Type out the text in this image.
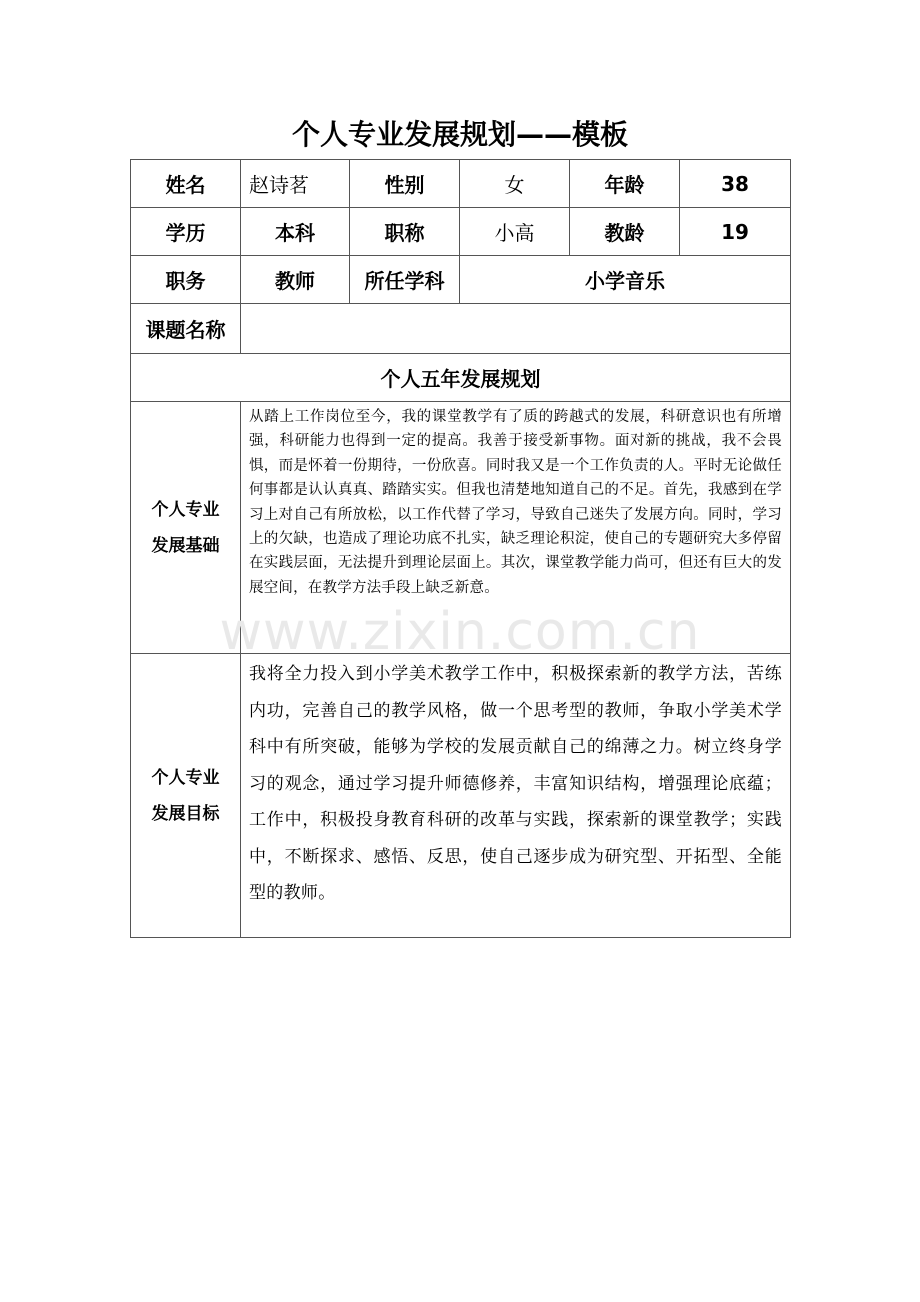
个人专业发展规划——模板
姓名	赵诗茗	性别	女	年龄	38
学历	本科	职称	小高	教龄	19
职务	教师	所任学科	小学音乐		
课题名称					
个人五年发展规划					

个人专业
发展基础	从踏上工作岗位至今，我的课堂教学有了质的跨越式的发展，科研意识也有所增强，科研能力也得到一定的提高。我善于接受新事物。面对新的挑战，我不会畏惧，而是怀着一份期待，一份欣喜。同时我又是一个工作负责的人。平时无论做任何事都是认认真真、踏踏实实。但我也清楚地知道自己的不足。首先，我感到在学习上对自己有所放松，以工作代替了学习，导致自己迷失了发展方向。同时，学习上的欠缺，也造成了理论功底不扎实，缺乏理论积淀，使自己的专题研究大多停留在实践层面，无法提升到理论层面上。其次，课堂教学能力尚可，但还有巨大的发展空间，在教学方法手段上缺乏新意。				

个人专业
发展目标	我将全力投入到小学美术教学工作中，积极探索新的教学方法，苦练内功，完善自己的教学风格，做一个思考型的教师，争取小学美术学科中有所突破，能够为学校的发展贡献自己的绵薄之力。树立终身学习的观念，通过学习提升师德修养，丰富知识结构，增强理论底蕴；工作中，积极投身教育科研的改革与实践，探索新的课堂教学；实践中，不断探求、感悟、反思，使自己逐步成为研究型、开拓型、全能型的教师。				
www.zixin.com.cn
